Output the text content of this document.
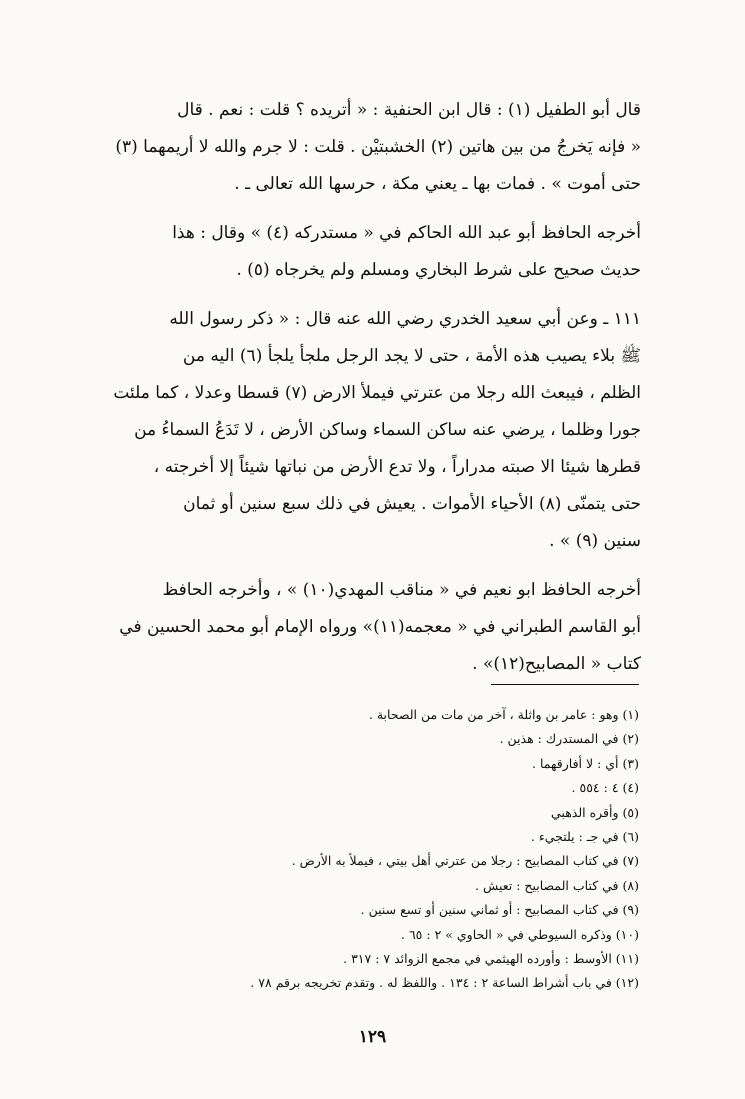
قال أبو الطفيل (١) : قال ابن الحنفية : « أتريده ؟ قلت : نعم . قال
« فإنه يَخرجُ من بين هاتين (٢) الخشبتيْن . قلت : لا جرم والله لا أريمهما (٣)
حتى أموت » . فمات بها ـ يعني مكة ، حرسها الله تعالى ـ .

أخرجه الحافظ أبو عبد الله الحاكم في « مستدركه (٤) » وقال : هذا
حديث صحيح على شرط البخاري ومسلم ولم يخرجاه (٥) .

١١١ ـ وعن أبي سعيد الخدري رضي الله عنه قال : « ذكر رسول الله
ﷺ بلاء يصيب هذه الأمة ، حتى لا يجد الرجل ملجأ يلجأ (٦) اليه من
الظلم ، فيبعث الله رجلا من عترتي فيملأ الارض (٧) قسطا وعدلا ، كما ملئت
جورا وظلما ، يرضي عنه ساكن السماء وساكن الأرض ، لا تَدَعُ السماءُ من
قطرها شيئا الا صبته مدراراً ، ولا تدع الأرض من نباتها شيئاً إلا أخرجته ،
حتى يتمنّى (٨) الأحياء الأموات . يعيش في ذلك سبع سنين أو ثمان
سنين (٩) » .

أخرجه الحافظ ابو نعيم في « مناقب المهدي(١٠) » ، وأخرجه الحافظ
أبو القاسم الطبراني في « معجمه(١١)» ورواه الإمام أبو محمد الحسين في
كتاب « المصابيح(١٢)» .

(١) وهو : عامر بن واثلة ، آخر من مات من الصحابة .
(٢) في المستدرك : هذين .
(٣) أي : لا أفارقهما .
(٤) ٤ : ٥٥٤ .
(٥) وأقره الذهبي
(٦) في جـ : يلتجيء .
(٧) في كتاب المصابيح : رجلا من عترتي أهل بيتي ، فيملأ به الأرض .
(٨) في كتاب المصابيح : تعيش .
(٩) في كتاب المصابيح : أو ثماني سنين أو تسع سنين .
(١٠) وذكره السيوطي في « الحاوي » ٢ : ٦٥ .
(١١) الأوسط : وأورده الهيثمي في مجمع الزوائد ٧ : ٣١٧ .
(١٢) في باب أشراط الساعة ٢ : ١٣٤ . واللفظ له . وتقدم تخريجه برقم ٧٨ .
١٢٩
